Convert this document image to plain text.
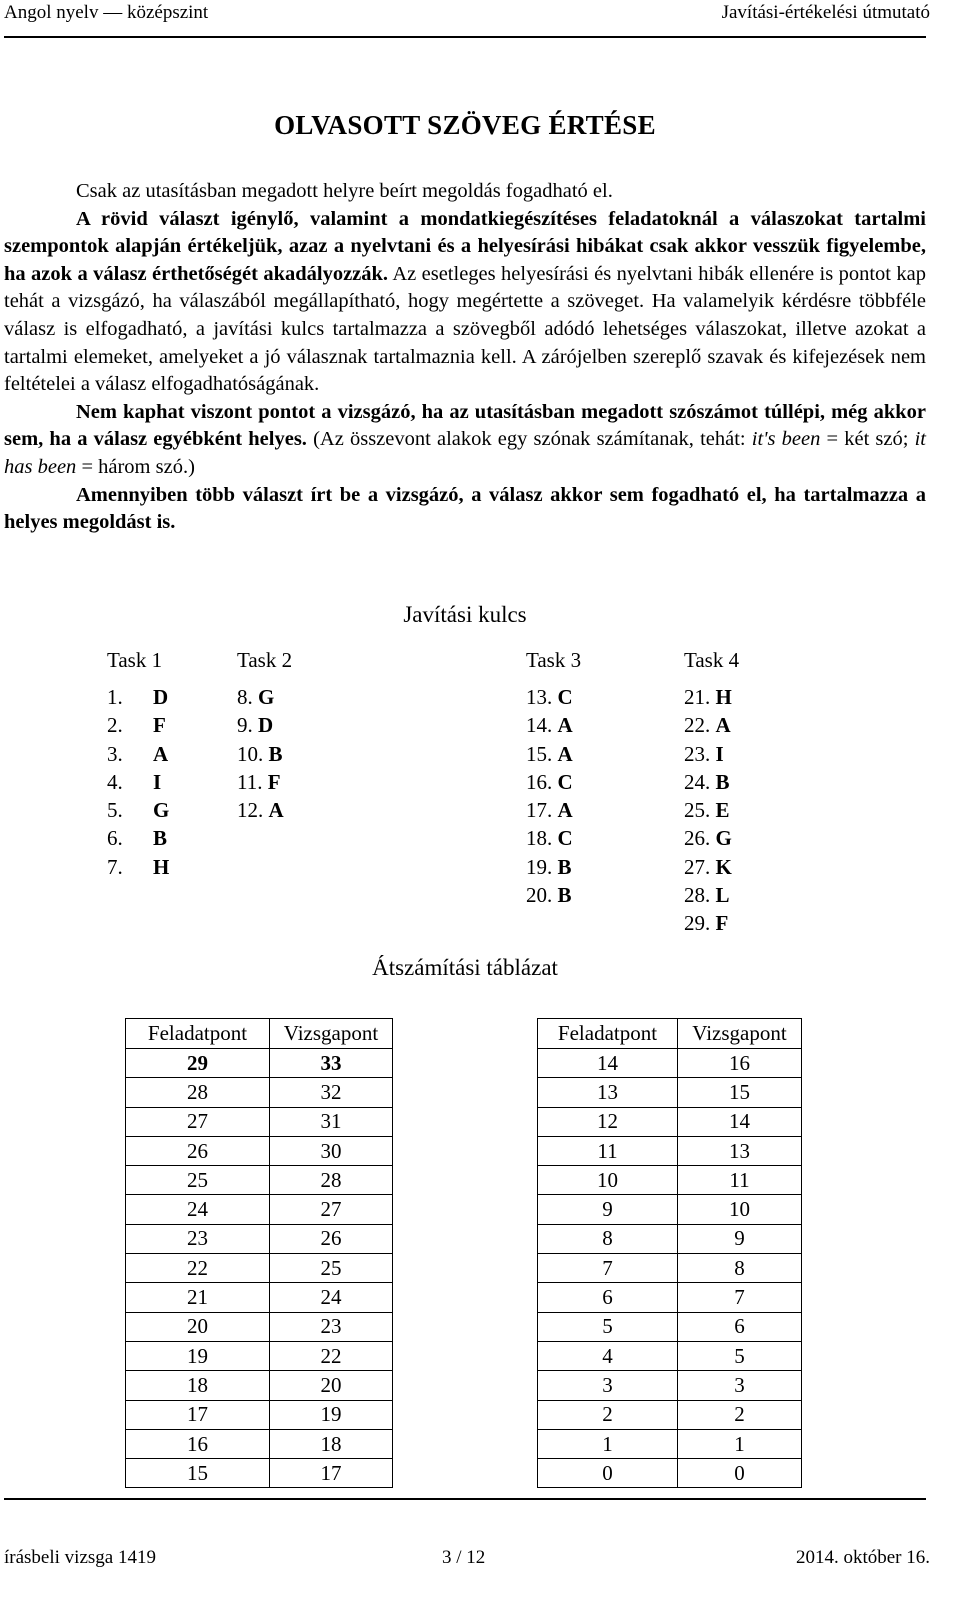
Angol nyelv — középszint	Javítási-értékelési útmutató
OLVASOTT SZÖVEG ÉRTÉSE

Csak az utasításban megadott helyre beírt megoldás fogadható el.

A rövid választ igénylő, valamint a mondatkiegészítéses feladatoknál a válaszokat tartalmi szempontok alapján értékeljük, azaz a nyelvtani és a helyesírási hibákat csak akkor vesszük figyelembe, ha azok a válasz érthetőségét akadályozzák. Az esetleges helyesírási és nyelvtani hibák ellenére is pontot kap tehát a vizsgázó, ha válaszából megállapítható, hogy megértette a szöveget. Ha valamelyik kérdésre többféle válasz is elfogadható, a javítási kulcs tartalmazza a szövegből adódó lehetséges válaszokat, illetve azokat a tartalmi elemeket, amelyeket a jó válasznak tartalmaznia kell. A zárójelben szereplő szavak és kifejezések nem feltételei a válasz elfogadhatóságának.

Nem kaphat viszont pontot a vizsgázó, ha az utasításban megadott szószámot túllépi, még akkor sem, ha a válasz egyébként helyes. (Az összevont alakok egy szónak számítanak, tehát: it's been = két szó; it has been = három szó.)

Amennyiben több választ írt be a vizsgázó, a válasz akkor sem fogadható el, ha tartalmazza a helyes megoldást is.

Javítási kulcs
Task 1
1. D
2. F
3. A
4. I
5. G
6. B
7. H
Task 2
8. G
9. D
10. B
11. F
12. A
Task 3
13. C
14. A
15. A
16. C
17. A
18. C
19. B
20. B
Task 4
21. H
22. A
23. I
24. B
25. E
26. G
27. K
28. L
29. F
Átszámítási táblázat
Feladatpont	Vizsgapont
29	33
28	32
27	31
26	30
25	28
24	27
23	26
22	25
21	24
20	23
19	22
18	20
17	19
16	18
15	17
Feladatpont	Vizsgapont
14	16
13	15
12	14
11	13
10	11
9	10
8	9
7	8
6	7
5	6
4	5
3	3
2	2
1	1
0	0
írásbeli vizsga 1419	3 / 12	2014. október 16.
